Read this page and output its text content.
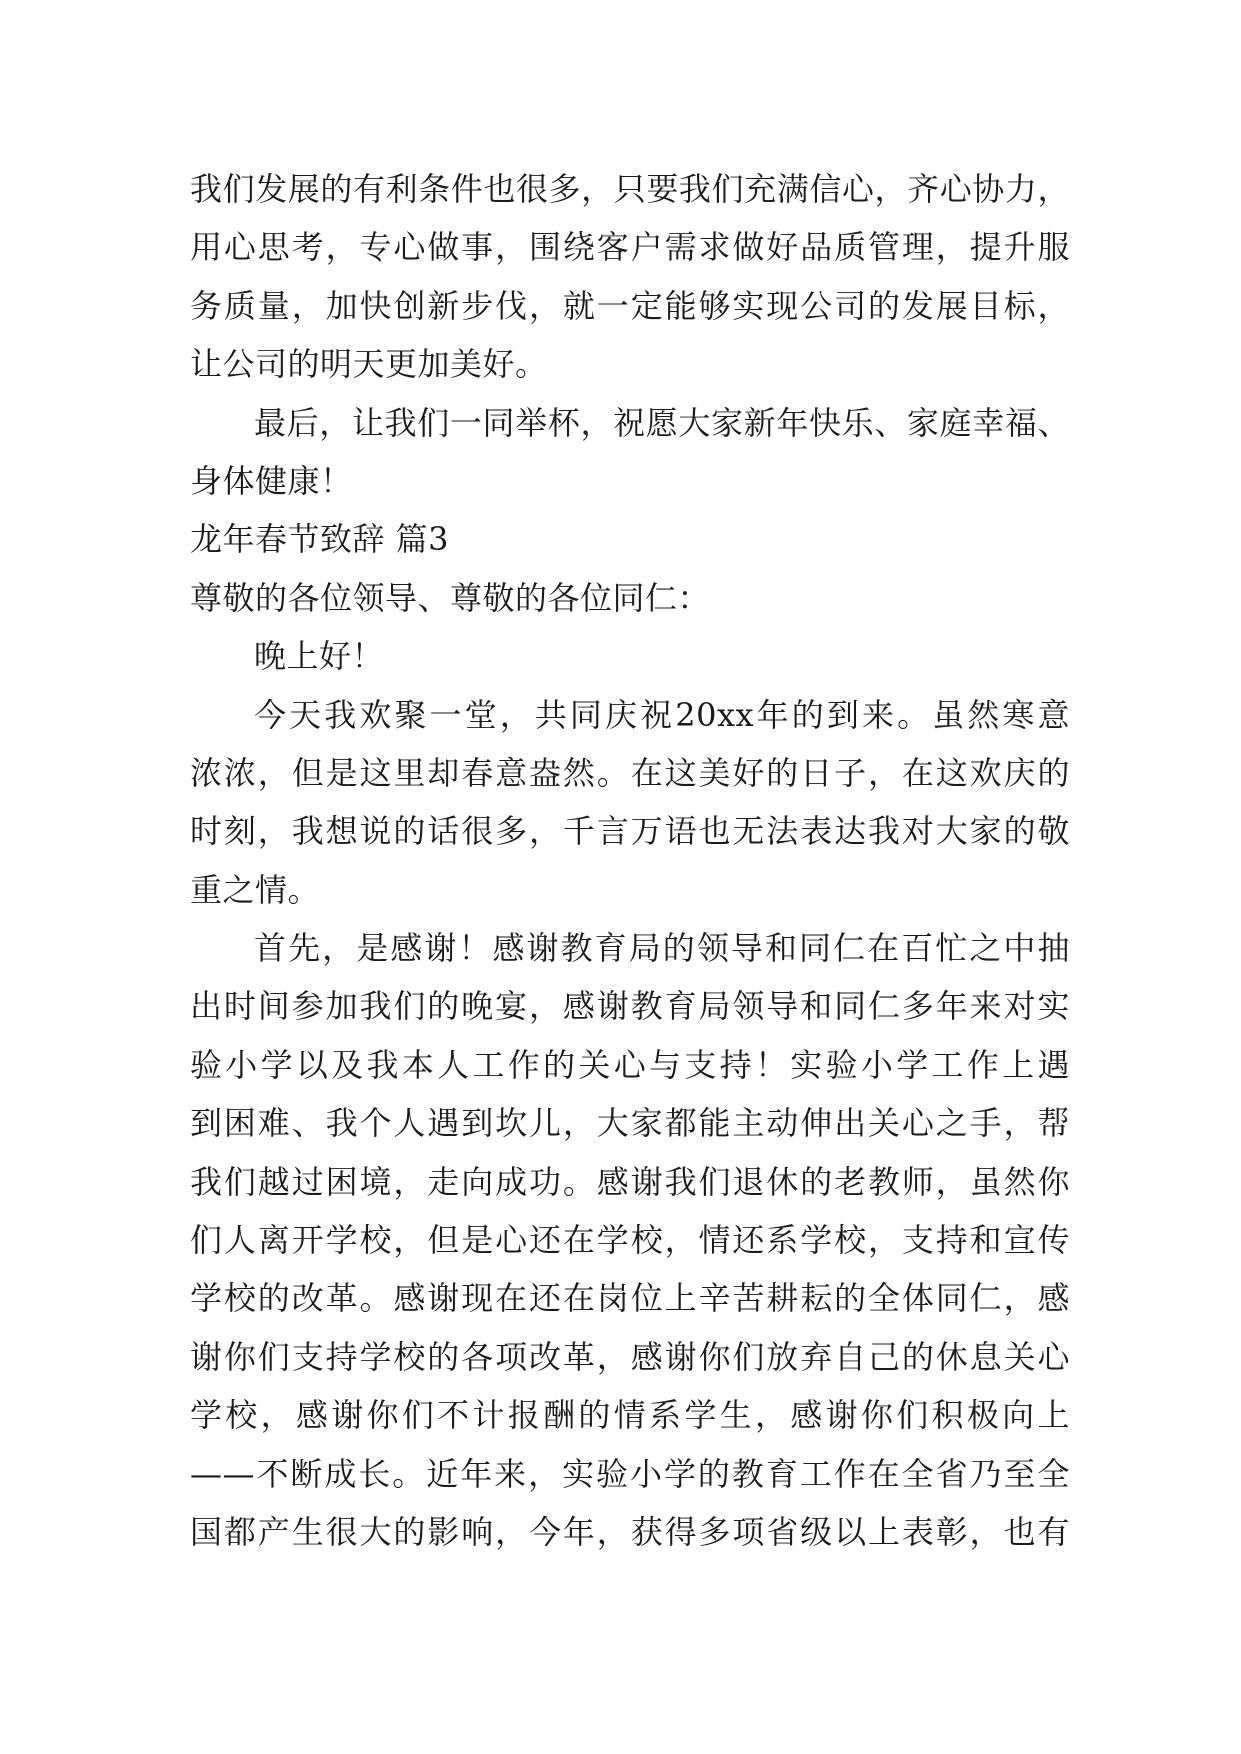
我们发展的有利条件也很多，只要我们充满信心，齐心协力，
用心思考，专心做事，围绕客户需求做好品质管理，提升服
务质量，加快创新步伐，就一定能够实现公司的发展目标，
让公司的明天更加美好。
最后，让我们一同举杯，祝愿大家新年快乐、家庭幸福、
身体健康！
龙年春节致辞 篇3
尊敬的各位领导、尊敬的各位同仁：
晚上好！
今天我欢聚一堂，共同庆祝20xx年的到来。虽然寒意
浓浓，但是这里却春意盎然。在这美好的日子，在这欢庆的
时刻，我想说的话很多，千言万语也无法表达我对大家的敬
重之情。
首先，是感谢！感谢教育局的领导和同仁在百忙之中抽
出时间参加我们的晚宴，感谢教育局领导和同仁多年来对实
验小学以及我本人工作的关心与支持！实验小学工作上遇
到困难、我个人遇到坎儿，大家都能主动伸出关心之手，帮
我们越过困境，走向成功。感谢我们退休的老教师，虽然你
们人离开学校，但是心还在学校，情还系学校，支持和宣传
学校的改革。感谢现在还在岗位上辛苦耕耘的全体同仁，感
谢你们支持学校的各项改革，感谢你们放弃自己的休息关心
学校，感谢你们不计报酬的情系学生，感谢你们积极向上
——不断成长。近年来，实验小学的教育工作在全省乃至全
国都产生很大的影响，今年，获得多项省级以上表彰，也有
